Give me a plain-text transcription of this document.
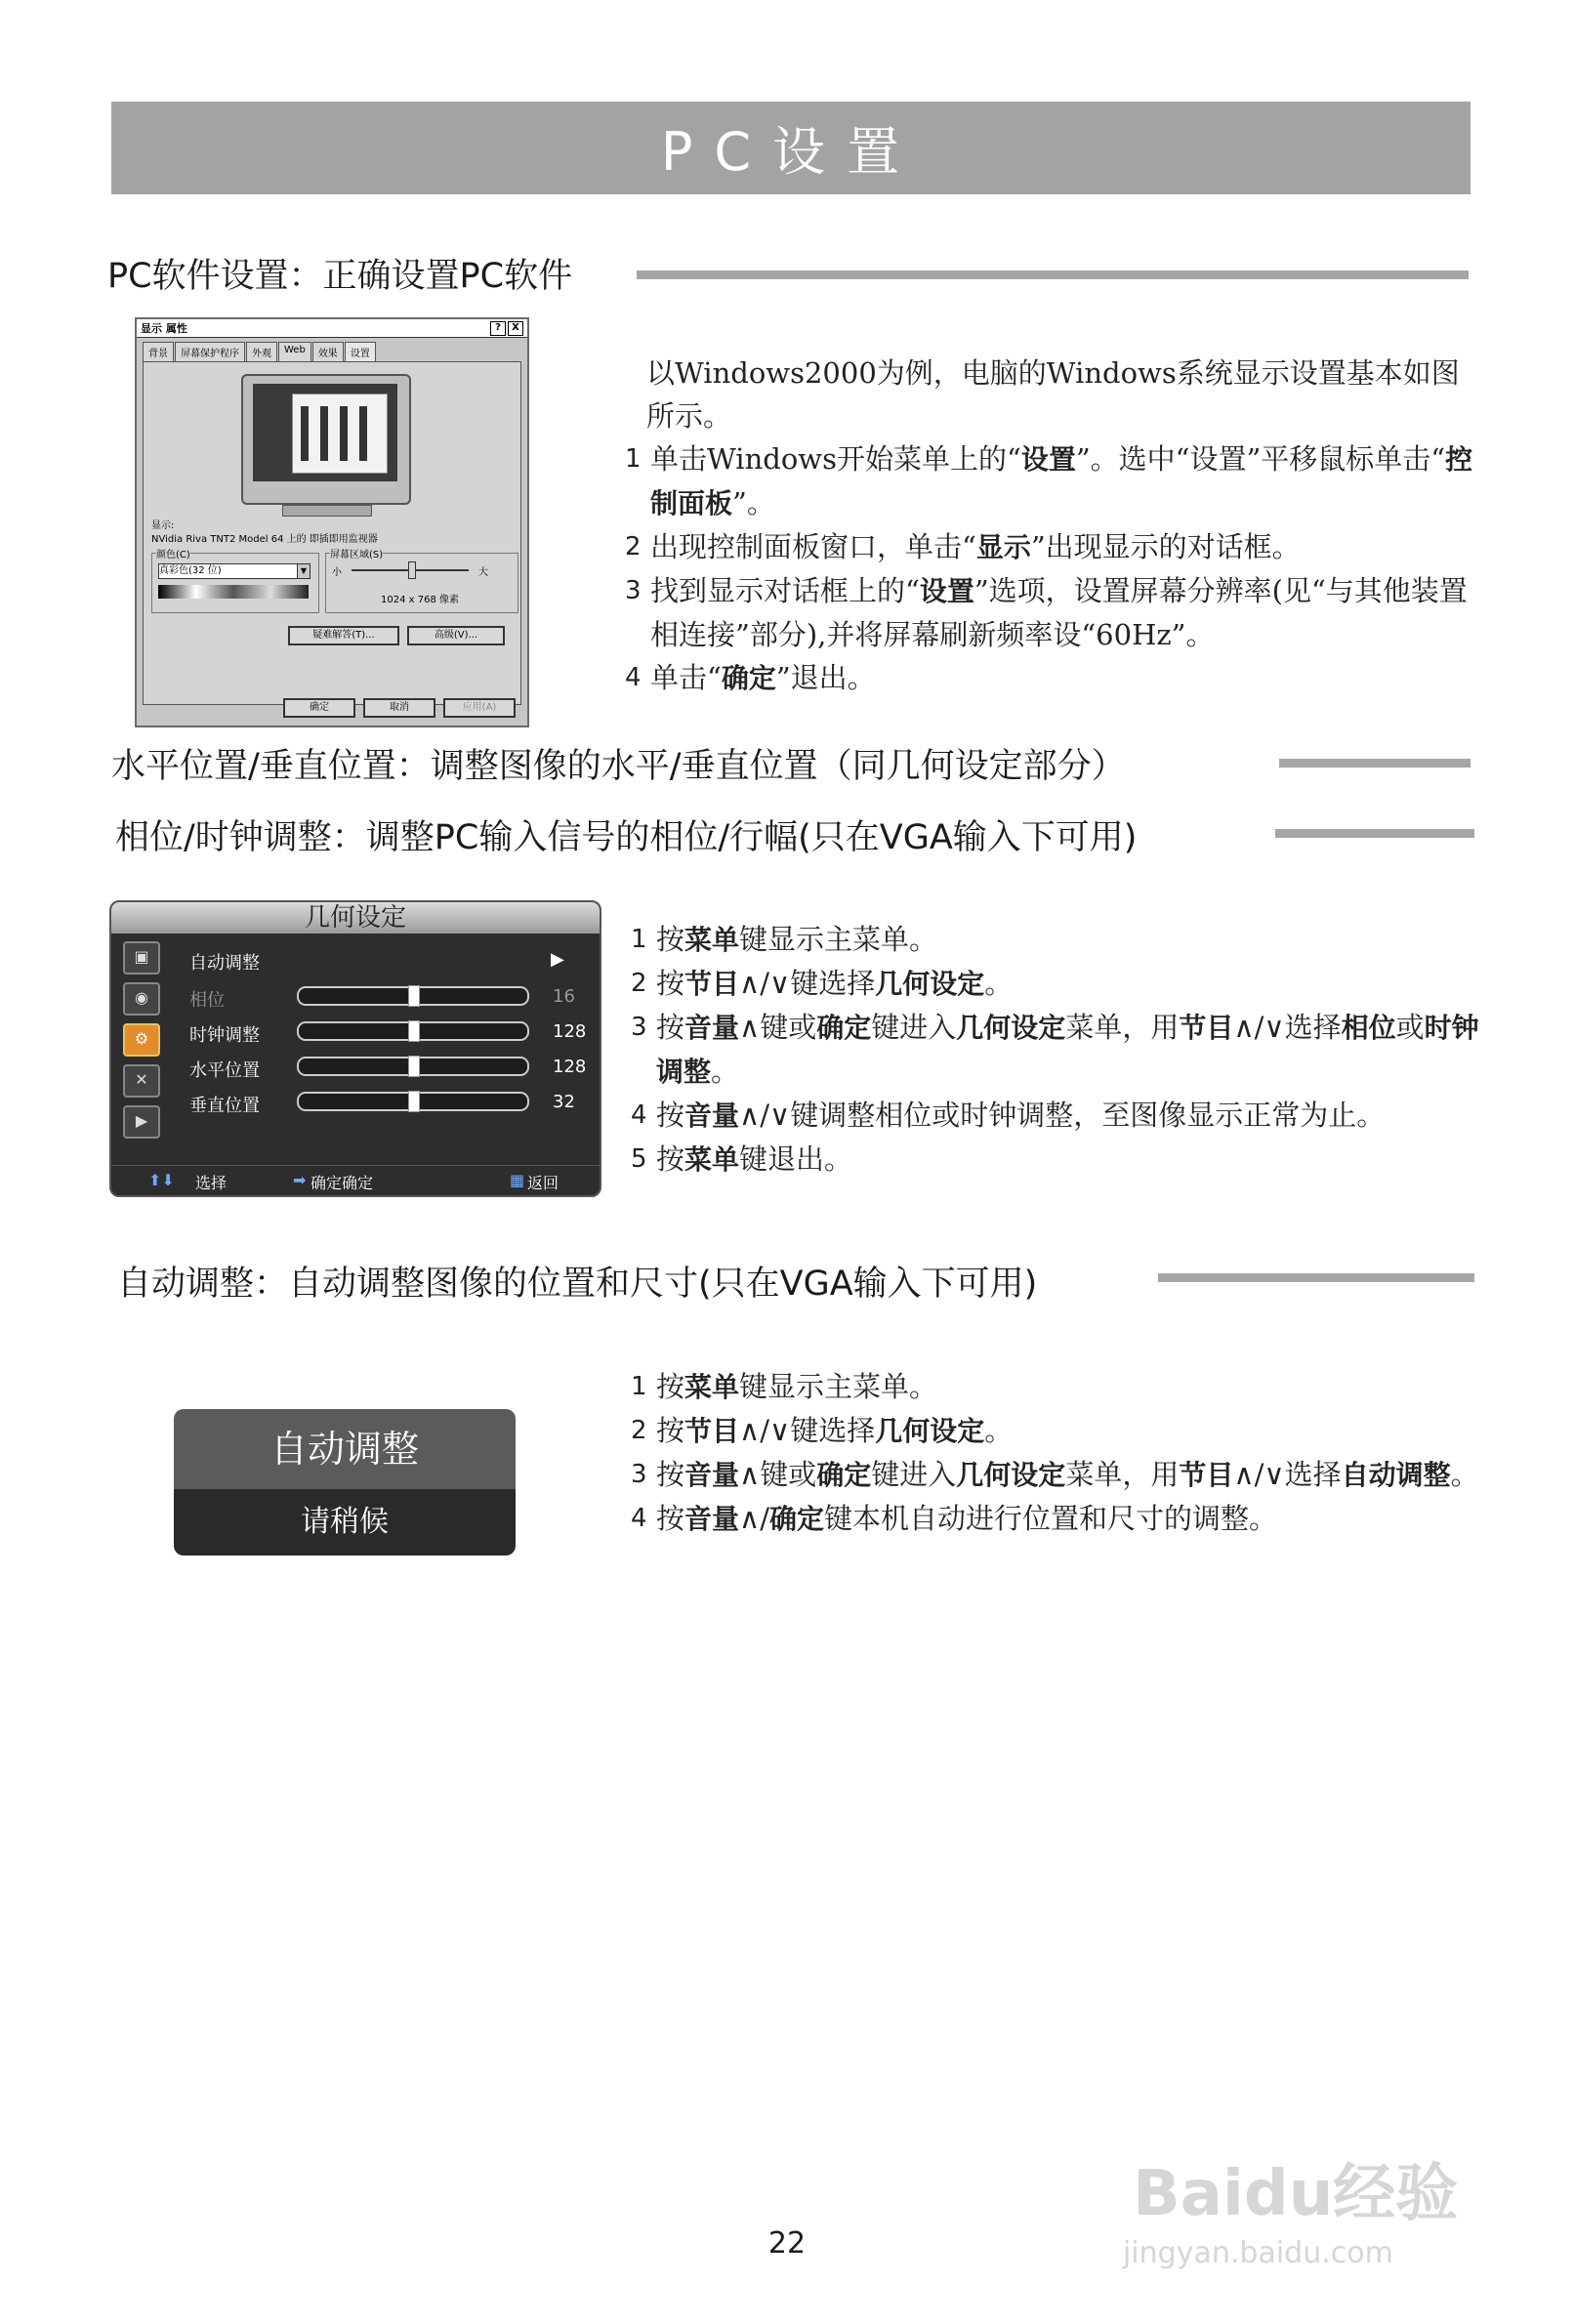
PC设置
PC软件设置：正确设置PC软件
显示 属性	? X
背景	屏幕保护程序	外观	Web	效果	设置
显示:
NVidia Riva TNT2 Model 64 上的 即插即用监视器
颜色(C)
真彩色(32 位)	▼
屏幕区域(S)
小	大
1024 x 768 像素
疑难解答(T)...	高级(V)...
确定	取消	应用(A)
以Windows2000为例，电脑的Windows系统显示设置基本如图所示。
1 单击Windows开始菜单上的“设置”。选中“设置”平移鼠标单击“控制面板”。
2 出现控制面板窗口，单击“显示”出现显示的对话框。
3 找到显示对话框上的“设置”选项，设置屏幕分辨率(见“与其他装置相连接”部分),并将屏幕刷新频率设“60Hz”。
4 单击“确定”退出。
水平位置/垂直位置：调整图像的水平/垂直位置（同几何设定部分）
相位/时钟调整：调整PC输入信号的相位/行幅(只在VGA输入下可用)
几何设定
▣
◉
⚙
✕
▶
自动调整	▶
相位	16
时钟调整	128
水平位置	128
垂直位置	32
⬆⬇ 选择	➡ 确定确定	▦ 返回
1 按菜单键显示主菜单。
2 按节目∧/∨键选择几何设定。
3 按音量∧键或确定键进入几何设定菜单，用节目∧/∨选择相位或时钟调整。
4 按音量∧/∨键调整相位或时钟调整，至图像显示正常为止。
5 按菜单键退出。
自动调整：自动调整图像的位置和尺寸(只在VGA输入下可用)
自动调整
请稍候
1 按菜单键显示主菜单。
2 按节目∧/∨键选择几何设定。
3 按音量∧键或确定键进入几何设定菜单，用节目∧/∨选择自动调整。
4 按音量∧/确定键本机自动进行位置和尺寸的调整。
Baidu经验
jingyan.baidu.com
22
